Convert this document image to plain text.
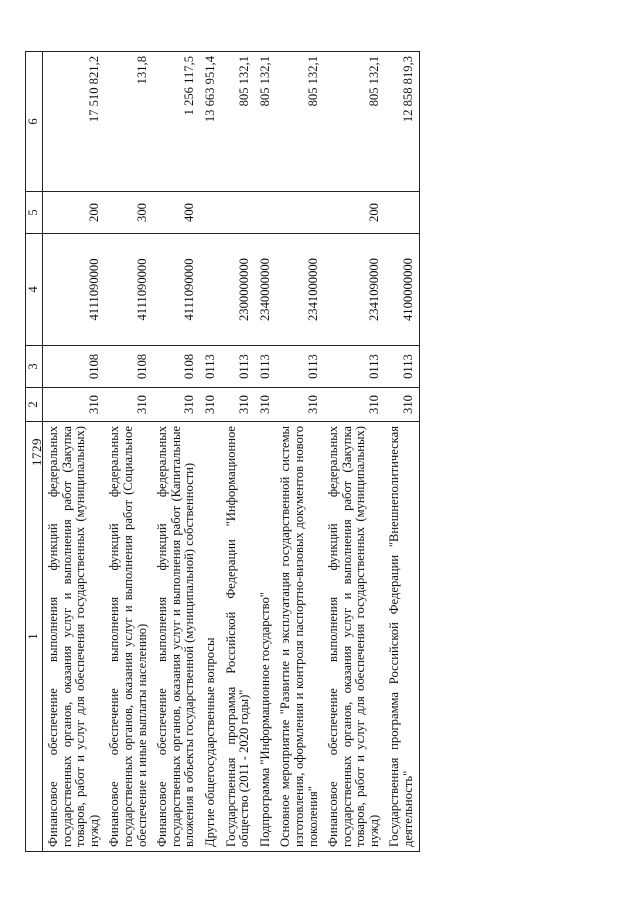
1729
1	2	3	4	5	6
Финансовое обеспечение выполнения функций федеральных государственных органов, оказания услуг и выполнения работ (Закупка товаров, работ и услуг для обеспечения государственных (муниципальных) нужд)	310	0108	4111090000	200	17 510 821,2
Финансовое обеспечение выполнения функций федеральных государственных органов, оказания услуг и выполнения работ (Социальное обеспечение и иные выплаты населению)	310	0108	4111090000	300	131,8
Финансовое обеспечение выполнения функций федеральных государственных органов, оказания услуг и выполнения работ (Капитальные вложения в объекты государственной (муниципальной) собственности)	310	0108	4111090000	400	1 256 117,5
Другие общегосударственные вопросы	310	0113			13 663 951,4
Государственная программа Российской Федерации "Информационное общество (2011 - 2020 годы)"	310	0113	2300000000		805 132,1
Подпрограмма "Информационное государство"	310	0113	2340000000		805 132,1
Основное мероприятие "Развитие и эксплуатация государственной системы изготовления, оформления и контроля паспортно-визовых документов нового поколения"	310	0113	2341000000		805 132,1
Финансовое обеспечение выполнения функций федеральных государственных органов, оказания услуг и выполнения работ (Закупка товаров, работ и услуг для обеспечения государственных (муниципальных) нужд)	310	0113	2341090000	200	805 132,1
Государственная программа Российской Федерации "Внешнеполитическая деятельность"	310	0113	4100000000		12 858 819,3
